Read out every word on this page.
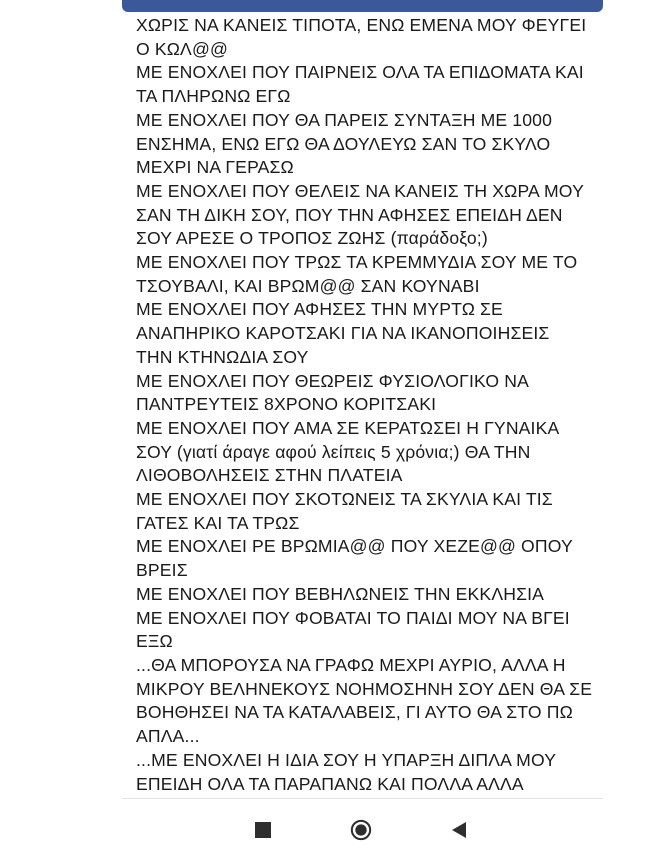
ΧΩΡΙΣ ΝΑ ΚΑΝΕΙΣ ΤΙΠΟΤΑ, ΕΝΩ ΕΜΕΝΑ ΜΟΥ ΦΕΥΓΕΙ
Ο ΚΩΛ@@
ΜΕ ΕΝΟΧΛΕΙ ΠΟΥ ΠΑΙΡΝΕΙΣ ΟΛΑ ΤΑ ΕΠΙΔΟΜΑΤΑ ΚΑΙ
ΤΑ ΠΛΗΡΩΝΩ ΕΓΩ
ΜΕ ΕΝΟΧΛΕΙ ΠΟΥ ΘΑ ΠΑΡΕΙΣ ΣΥΝΤΑΞΗ ΜΕ 1000
ΕΝΣΗΜΑ, ΕΝΩ ΕΓΩ ΘΑ ΔΟΥΛΕΥΩ ΣΑΝ ΤΟ ΣΚΥΛΟ
ΜΕΧΡΙ ΝΑ ΓΕΡΑΣΩ
ΜΕ ΕΝΟΧΛΕΙ ΠΟΥ ΘΕΛΕΙΣ ΝΑ ΚΑΝΕΙΣ ΤΗ ΧΩΡΑ ΜΟΥ
ΣΑΝ ΤΗ ΔΙΚΗ ΣΟΥ, ΠΟΥ ΤΗΝ ΑΦΗΣΕΣ ΕΠΕΙΔΗ ΔΕΝ
ΣΟΥ ΑΡΕΣΕ Ο ΤΡΟΠΟΣ ΖΩΗΣ (παράδοξο;)
ΜΕ ΕΝΟΧΛΕΙ ΠΟΥ ΤΡΩΣ ΤΑ ΚΡΕΜΜΥΔΙΑ ΣΟΥ ΜΕ ΤΟ
ΤΣΟΥΒΑΛΙ, ΚΑΙ ΒΡΩΜ@@ ΣΑΝ ΚΟΥΝΑΒΙ
ΜΕ ΕΝΟΧΛΕΙ ΠΟΥ ΑΦΗΣΕΣ ΤΗΝ ΜΥΡΤΩ ΣΕ
ΑΝΑΠΗΡΙΚΟ ΚΑΡΟΤΣΑΚΙ ΓΙΑ ΝΑ ΙΚΑΝΟΠΟΙΗΣΕΙΣ
ΤΗΝ ΚΤΗΝΩΔΙΑ ΣΟΥ
ΜΕ ΕΝΟΧΛΕΙ ΠΟΥ ΘΕΩΡΕΙΣ ΦΥΣΙΟΛΟΓΙΚΟ ΝΑ
ΠΑΝΤΡΕΥΤΕΙΣ 8ΧΡΟΝΟ ΚΟΡΙΤΣΑΚΙ
ΜΕ ΕΝΟΧΛΕΙ ΠΟΥ ΑΜΑ ΣΕ ΚΕΡΑΤΩΣΕΙ Η ΓΥΝΑΙΚΑ
ΣΟΥ (γιατί άραγε αφού λείπεις 5 χρόνια;) ΘΑ ΤΗΝ
ΛΙΘΟΒΟΛΗΣΕΙΣ ΣΤΗΝ ΠΛΑΤΕΙΑ
ΜΕ ΕΝΟΧΛΕΙ ΠΟΥ ΣΚΟΤΩΝΕΙΣ ΤΑ ΣΚΥΛΙΑ ΚΑΙ ΤΙΣ
ΓΑΤΕΣ ΚΑΙ ΤΑ ΤΡΩΣ
ΜΕ ΕΝΟΧΛΕΙ ΡΕ ΒΡΩΜΙΑ@@ ΠΟΥ ΧΕΖΕ@@ ΟΠΟΥ
ΒΡΕΙΣ
ΜΕ ΕΝΟΧΛΕΙ ΠΟΥ ΒΕΒΗΛΩΝΕΙΣ ΤΗΝ ΕΚΚΛΗΣΙΑ
ΜΕ ΕΝΟΧΛΕΙ ΠΟΥ ΦΟΒΑΤΑΙ ΤΟ ΠΑΙΔΙ ΜΟΥ ΝΑ ΒΓΕΙ
ΕΞΩ
...ΘΑ ΜΠΟΡΟΥΣΑ ΝΑ ΓΡΑΦΩ ΜΕΧΡΙ ΑΥΡΙΟ, ΑΛΛΑ Η
ΜΙΚΡΟΥ ΒΕΛΗΝΕΚΟΥΣ ΝΟΗΜΟΣΗΝΗ ΣΟΥ ΔΕΝ ΘΑ ΣΕ
ΒΟΗΘΗΣΕΙ ΝΑ ΤΑ ΚΑΤΑΛΑΒΕΙΣ, ΓΙ ΑΥΤΟ ΘΑ ΣΤΟ ΠΩ
ΑΠΛΑ...
...ΜΕ ΕΝΟΧΛΕΙ Η ΙΔΙΑ ΣΟΥ Η ΥΠΑΡΞΗ ΔΙΠΛΑ ΜΟΥ
ΕΠΕΙΔΗ ΟΛΑ ΤΑ ΠΑΡΑΠΑΝΩ ΚΑΙ ΠΟΛΛΑ ΑΛΛΑ
